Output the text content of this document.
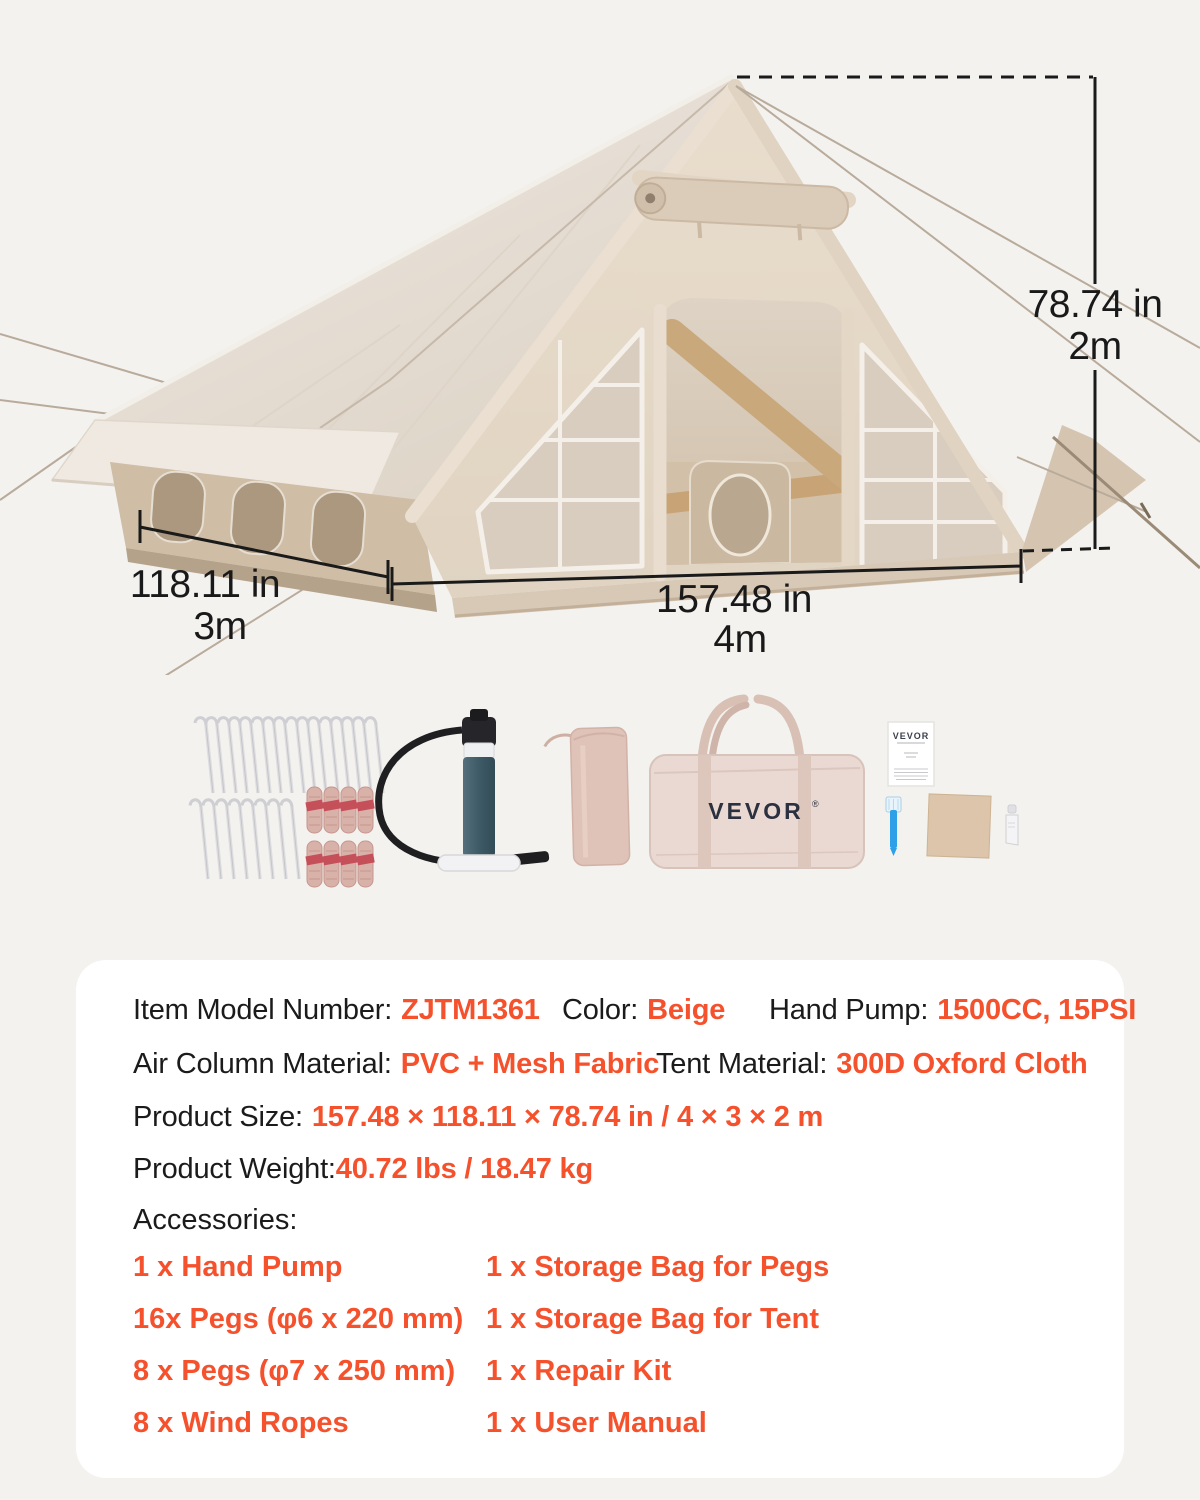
78.74 in
2m
118.11 in
3m
157.48 in
4m
VEVOR ®
VEVOR
Item Model Number: ZJTM1361 Color: Beige Hand Pump: 1500CC, 15PSI
Air Column Material: PVC + Mesh Fabric
Tent Material: 300D Oxford Cloth
Product Size: 157.48 × 118.11 × 78.74 in / 4 × 3 × 2 m
Product Weight:40.72 lbs / 18.47 kg
Accessories:
1 x Hand Pump
16x Pegs (φ6 x 220 mm)
8 x Pegs (φ7 x 250 mm)
8 x Wind Ropes
1 x Storage Bag for Pegs
1 x Storage Bag for Tent
1 x Repair Kit
1 x User Manual
